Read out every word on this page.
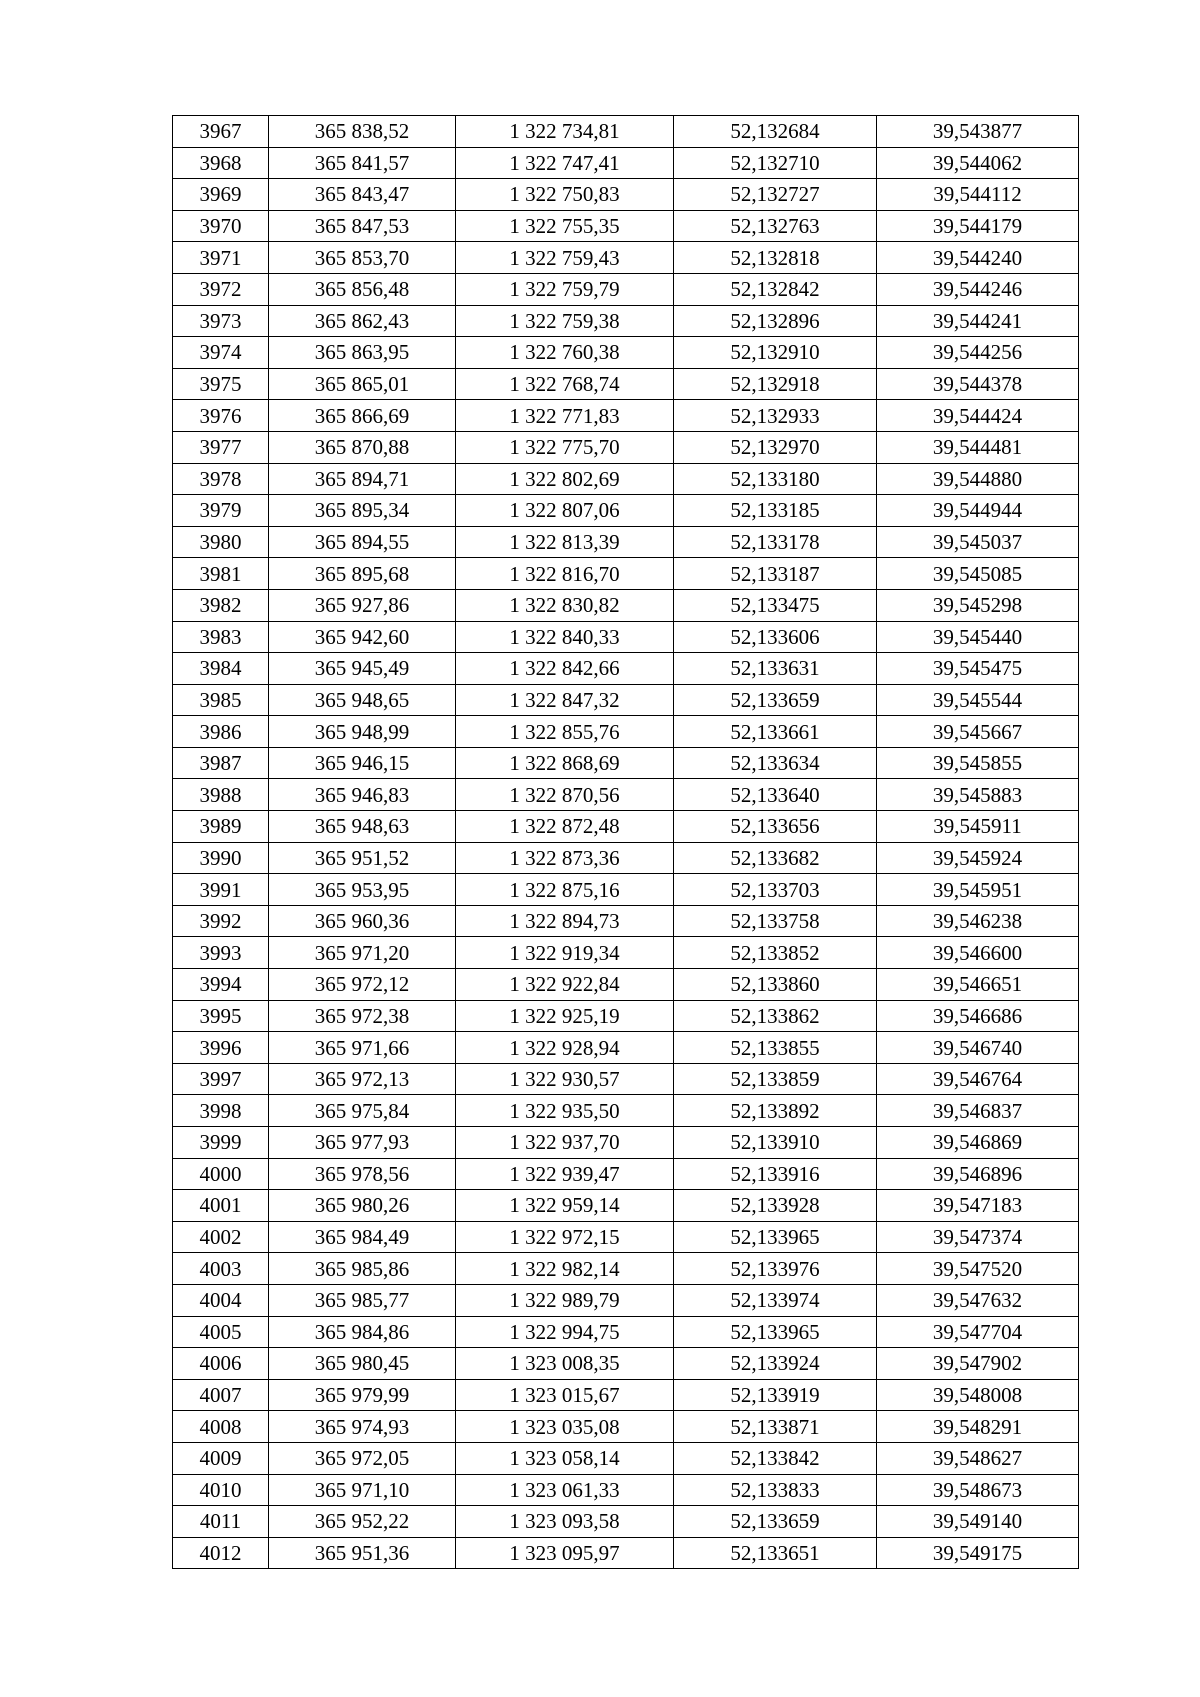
3967	365 838,52	1 322 734,81	52,132684	39,543877
3968	365 841,57	1 322 747,41	52,132710	39,544062
3969	365 843,47	1 322 750,83	52,132727	39,544112
3970	365 847,53	1 322 755,35	52,132763	39,544179
3971	365 853,70	1 322 759,43	52,132818	39,544240
3972	365 856,48	1 322 759,79	52,132842	39,544246
3973	365 862,43	1 322 759,38	52,132896	39,544241
3974	365 863,95	1 322 760,38	52,132910	39,544256
3975	365 865,01	1 322 768,74	52,132918	39,544378
3976	365 866,69	1 322 771,83	52,132933	39,544424
3977	365 870,88	1 322 775,70	52,132970	39,544481
3978	365 894,71	1 322 802,69	52,133180	39,544880
3979	365 895,34	1 322 807,06	52,133185	39,544944
3980	365 894,55	1 322 813,39	52,133178	39,545037
3981	365 895,68	1 322 816,70	52,133187	39,545085
3982	365 927,86	1 322 830,82	52,133475	39,545298
3983	365 942,60	1 322 840,33	52,133606	39,545440
3984	365 945,49	1 322 842,66	52,133631	39,545475
3985	365 948,65	1 322 847,32	52,133659	39,545544
3986	365 948,99	1 322 855,76	52,133661	39,545667
3987	365 946,15	1 322 868,69	52,133634	39,545855
3988	365 946,83	1 322 870,56	52,133640	39,545883
3989	365 948,63	1 322 872,48	52,133656	39,545911
3990	365 951,52	1 322 873,36	52,133682	39,545924
3991	365 953,95	1 322 875,16	52,133703	39,545951
3992	365 960,36	1 322 894,73	52,133758	39,546238
3993	365 971,20	1 322 919,34	52,133852	39,546600
3994	365 972,12	1 322 922,84	52,133860	39,546651
3995	365 972,38	1 322 925,19	52,133862	39,546686
3996	365 971,66	1 322 928,94	52,133855	39,546740
3997	365 972,13	1 322 930,57	52,133859	39,546764
3998	365 975,84	1 322 935,50	52,133892	39,546837
3999	365 977,93	1 322 937,70	52,133910	39,546869
4000	365 978,56	1 322 939,47	52,133916	39,546896
4001	365 980,26	1 322 959,14	52,133928	39,547183
4002	365 984,49	1 322 972,15	52,133965	39,547374
4003	365 985,86	1 322 982,14	52,133976	39,547520
4004	365 985,77	1 322 989,79	52,133974	39,547632
4005	365 984,86	1 322 994,75	52,133965	39,547704
4006	365 980,45	1 323 008,35	52,133924	39,547902
4007	365 979,99	1 323 015,67	52,133919	39,548008
4008	365 974,93	1 323 035,08	52,133871	39,548291
4009	365 972,05	1 323 058,14	52,133842	39,548627
4010	365 971,10	1 323 061,33	52,133833	39,548673
4011	365 952,22	1 323 093,58	52,133659	39,549140
4012	365 951,36	1 323 095,97	52,133651	39,549175
